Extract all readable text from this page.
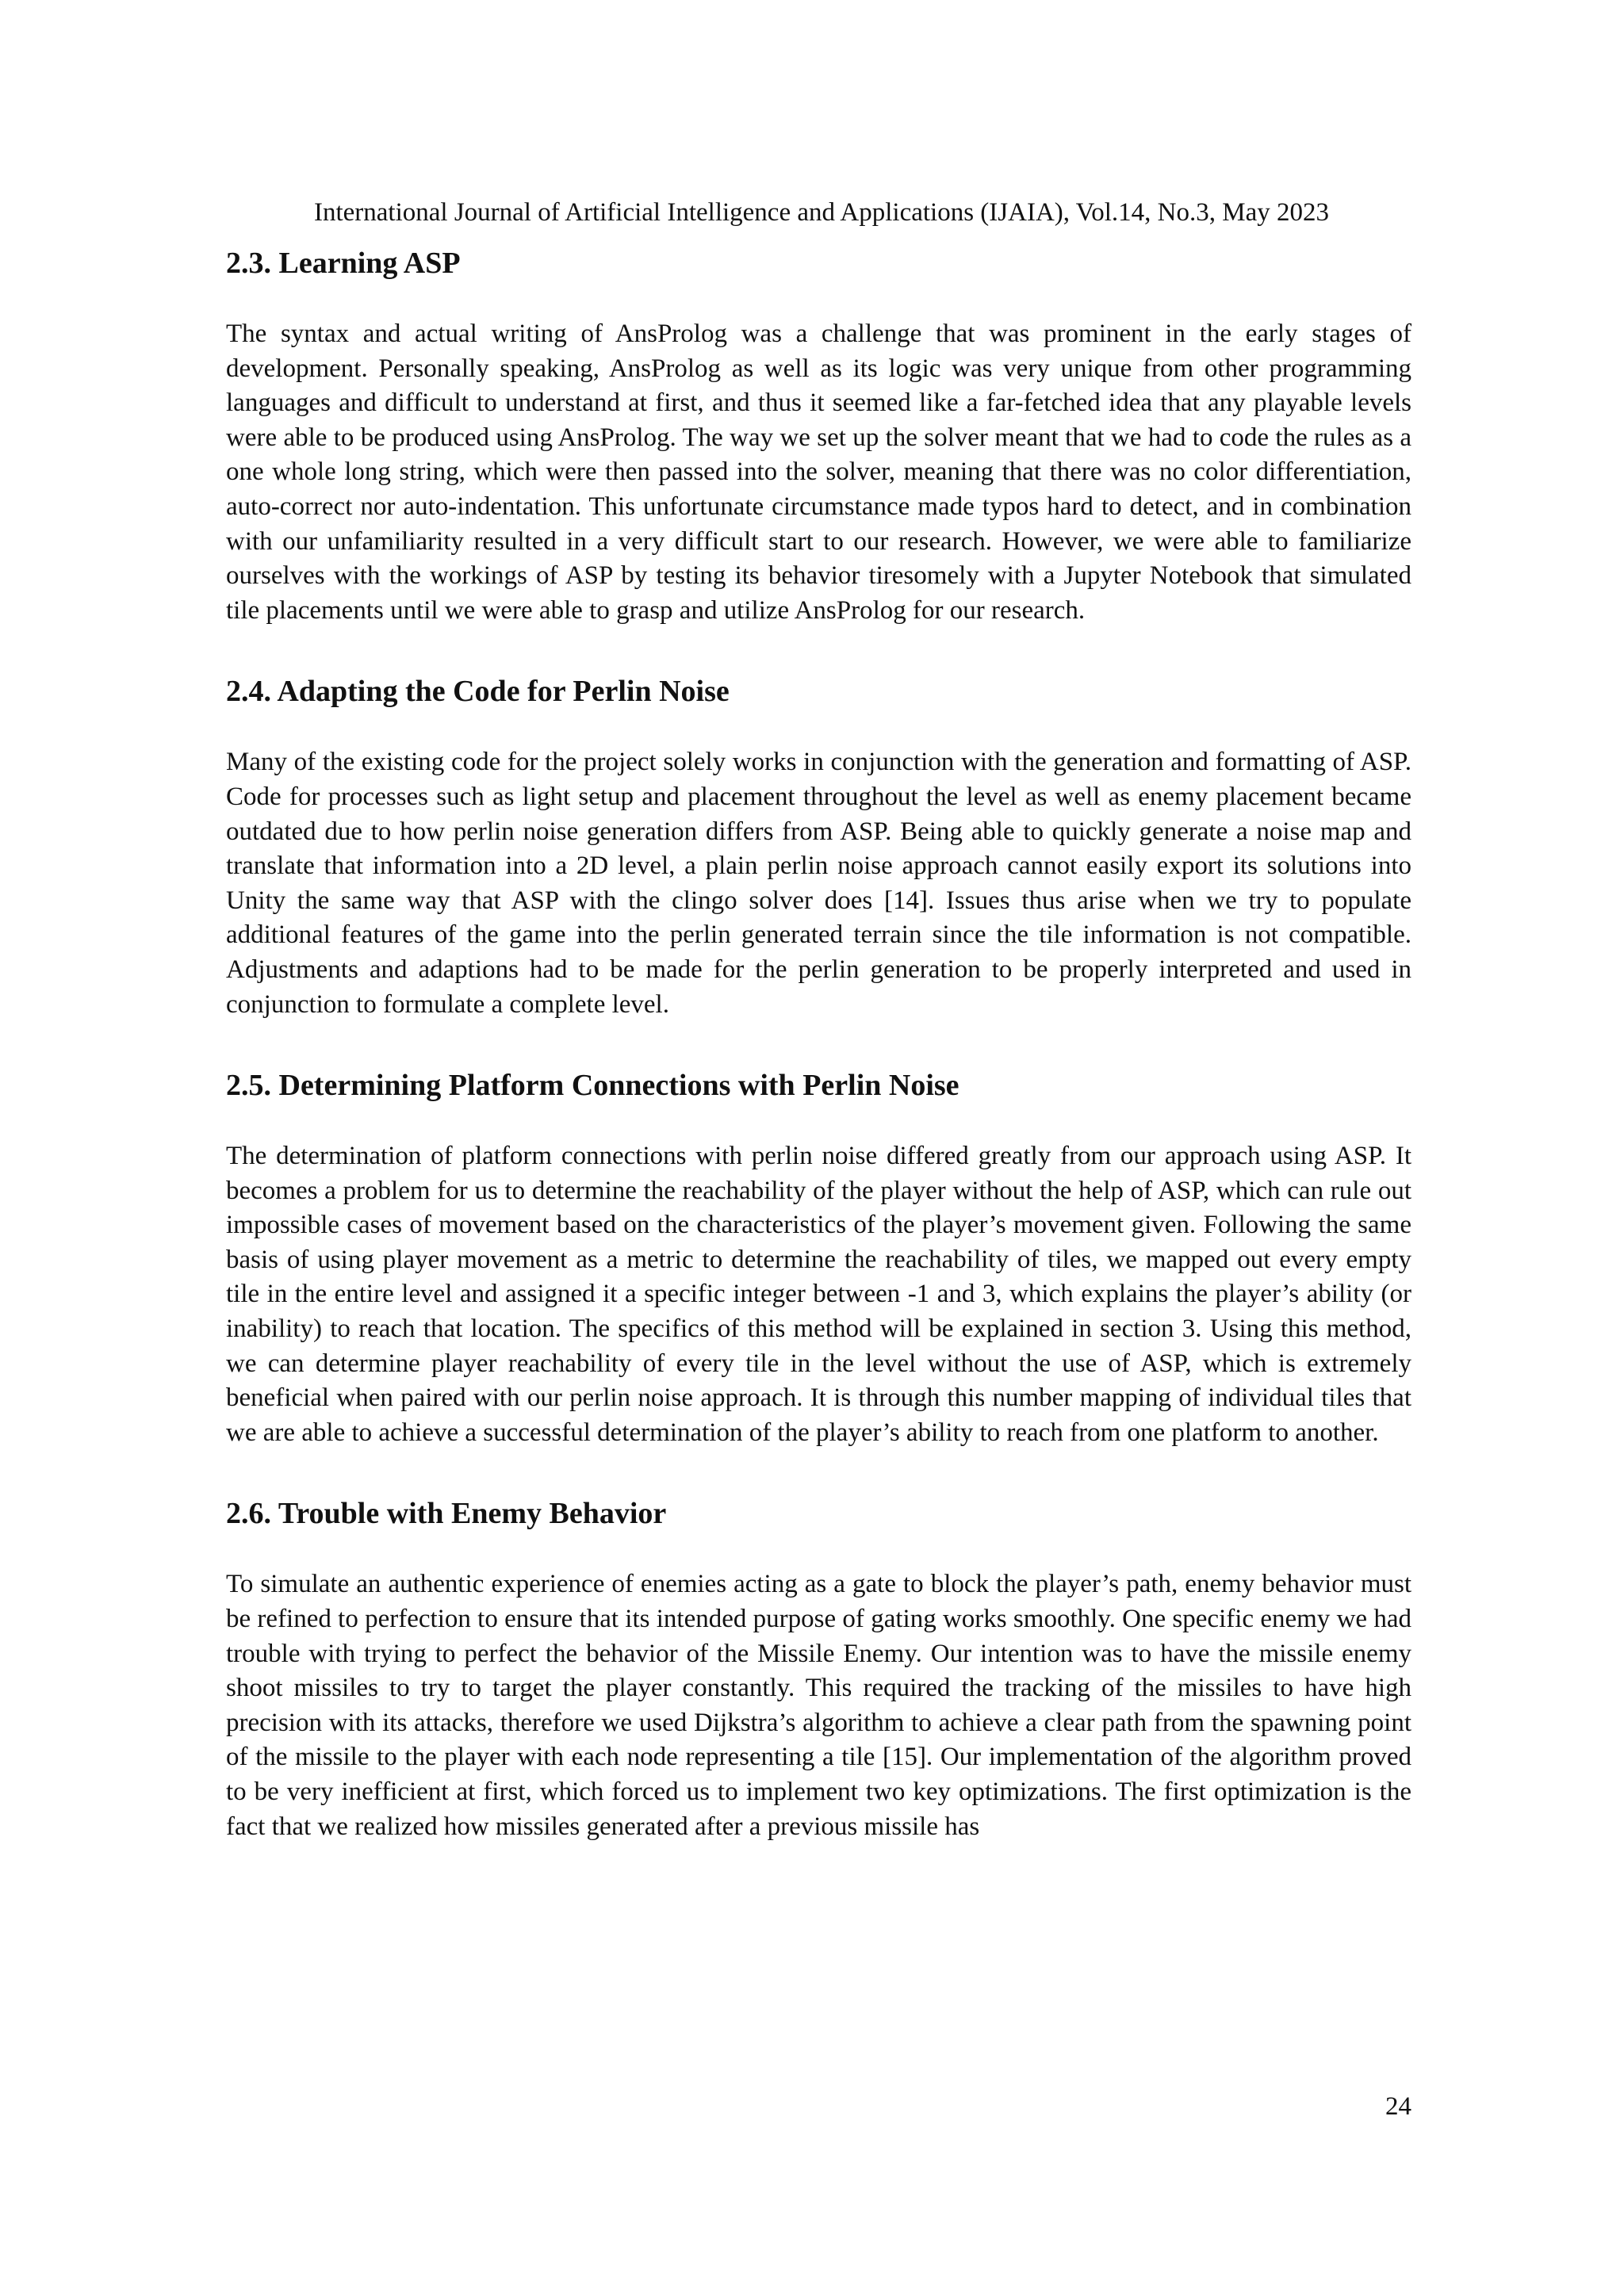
International Journal of Artificial Intelligence and Applications (IJAIA), Vol.14, No.3, May 2023
2.3. Learning ASP

The syntax and actual writing of AnsProlog was a challenge that was prominent in the early stages of development. Personally speaking, AnsProlog as well as its logic was very unique from other programming languages and difficult to understand at first, and thus it seemed like a far-fetched idea that any playable levels were able to be produced using AnsProlog. The way we set up the solver meant that we had to code the rules as a one whole long string, which were then passed into the solver, meaning that there was no color differentiation, auto-correct nor auto-indentation. This unfortunate circumstance made typos hard to detect, and in combination with our unfamiliarity resulted in a very difficult start to our research. However, we were able to familiarize ourselves with the workings of ASP by testing its behavior tiresomely with a Jupyter Notebook that simulated tile placements until we were able to grasp and utilize AnsProlog for our research.

2.4. Adapting the Code for Perlin Noise

Many of the existing code for the project solely works in conjunction with the generation and formatting of ASP. Code for processes such as light setup and placement throughout the level as well as enemy placement became outdated due to how perlin noise generation differs from ASP. Being able to quickly generate a noise map and translate that information into a 2D level, a plain perlin noise approach cannot easily export its solutions into Unity the same way that ASP with the clingo solver does [14]. Issues thus arise when we try to populate additional features of the game into the perlin generated terrain since the tile information is not compatible. Adjustments and adaptions had to be made for the perlin generation to be properly interpreted and used in conjunction to formulate a complete level.

2.5. Determining Platform Connections with Perlin Noise

The determination of platform connections with perlin noise differed greatly from our approach using ASP. It becomes a problem for us to determine the reachability of the player without the help of ASP, which can rule out impossible cases of movement based on the characteristics of the player’s movement given. Following the same basis of using player movement as a metric to determine the reachability of tiles, we mapped out every empty tile in the entire level and assigned it a specific integer between -1 and 3, which explains the player’s ability (or inability) to reach that location. The specifics of this method will be explained in section 3. Using this method, we can determine player reachability of every tile in the level without the use of ASP, which is extremely beneficial when paired with our perlin noise approach. It is through this number mapping of individual tiles that we are able to achieve a successful determination of the player’s ability to reach from one platform to another.

2.6. Trouble with Enemy Behavior

To simulate an authentic experience of enemies acting as a gate to block the player’s path, enemy behavior must be refined to perfection to ensure that its intended purpose of gating works smoothly. One specific enemy we had trouble with trying to perfect the behavior of the Missile Enemy. Our intention was to have the missile enemy shoot missiles to try to target the player constantly. This required the tracking of the missiles to have high precision with its attacks, therefore we used Dijkstra’s algorithm to achieve a clear path from the spawning point of the missile to the player with each node representing a tile [15]. Our implementation of the algorithm proved to be very inefficient at first, which forced us to implement two key optimizations. The first optimization is the fact that we realized how missiles generated after a previous missile has

24
